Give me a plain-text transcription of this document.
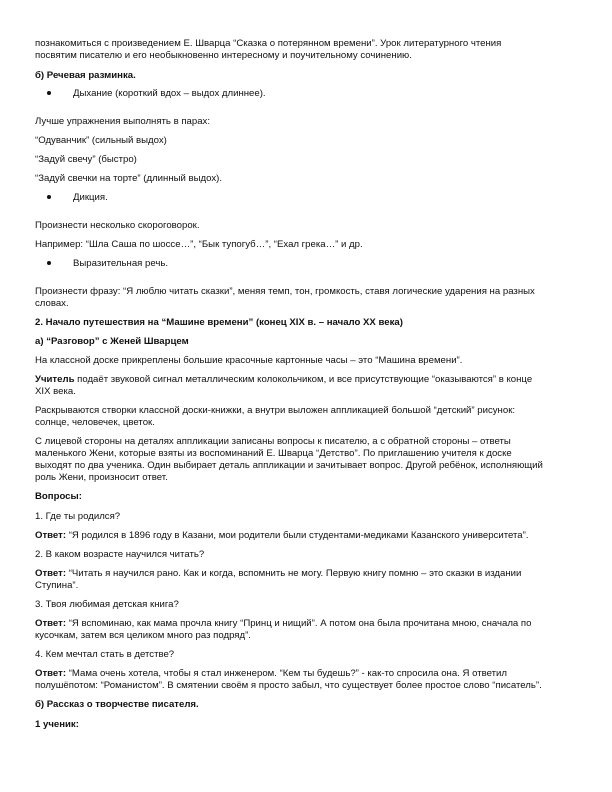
познакомиться с произведением Е. Шварца “Сказка о потерянном времени”. Урок литературного чтения
посвятим писателю и его необыкновенно интересному и поучительному сочинению.
б) Речевая разминка.
Дыхание (короткий вдох – выдох длиннее).
Лучше упражнения выполнять в парах:
“Одуванчик” (сильный выдох)
“Задуй свечу” (быстро)
“Задуй свечки на торте” (длинный выдох).
Дикция.
Произнести несколько скороговорок.
Например: “Шла Саша по шоссе…”, “Бык тупогуб…”, “Ехал грека…” и др.
Выразительная речь.
Произнести фразу: “Я люблю читать сказки”, меняя темп, тон, громкость, ставя логические ударения на разных
словах.
2. Начало путешествия на “Машине времени” (конец XIX в. – начало XX века)
а) “Разговор” с Женей Шварцем
На классной доске прикреплены большие красочные картонные часы – это “Машина времени”.
Учитель подаёт звуковой сигнал металлическим колокольчиком, и все присутствующие “оказываются” в конце
XIX века.
Раскрываются створки классной доски-книжки, а внутри выложен аппликацией большой “детский” рисунок:
солнце, человечек, цветок.
С лицевой стороны на деталях аппликации записаны вопросы к писателю, а с обратной стороны – ответы
маленького Жени, которые взяты из воспоминаний Е. Шварца “Детство”. По приглашению учителя к доске
выходят по два ученика. Один выбирает деталь аппликации и зачитывает вопрос. Другой ребёнок, исполняющий
роль Жени, произносит ответ.
Вопросы:
1. Где ты родился?
Ответ: “Я родился в 1896 году в Казани, мои родители были студентами-медиками Казанского университета”.
2. В каком возрасте научился читать?
Ответ: “Читать я научился рано. Как и когда, вспомнить не могу. Первую книгу помню – это сказки в издании
Ступина”.
3. Твоя любимая детская книга?
Ответ: “Я вспоминаю, как мама прочла книгу “Принц и нищий”. А потом она была прочитана мною, сначала по
кусочкам, затем вся целиком много раз подряд”.
4. Кем мечтал стать в детстве?
Ответ: “Мама очень хотела, чтобы я стал инженером. “Кем ты будешь?” - как-то спросила она. Я ответил
полушёпотом: “Романистом”. В смятении своём я просто забыл, что существует более простое слово “писатель”.
б) Рассказ о творчестве писателя.
1 ученик:
